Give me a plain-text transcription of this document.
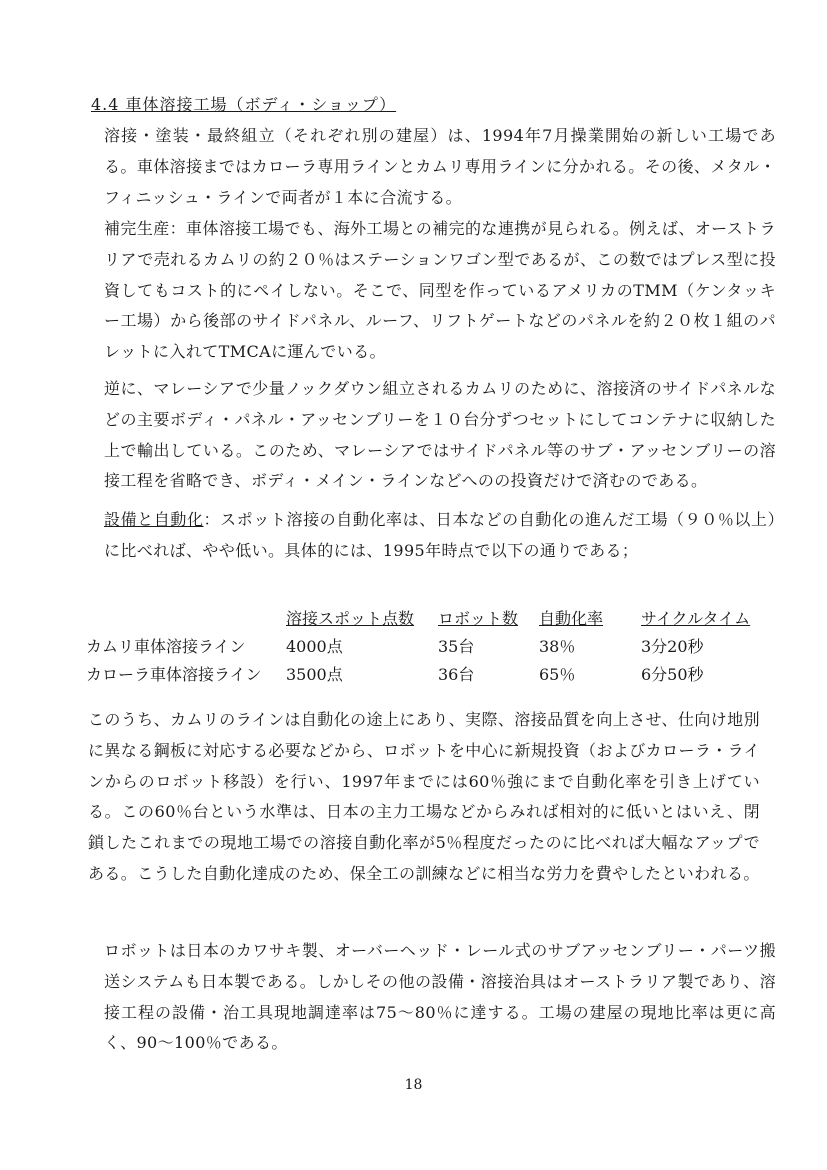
4.4 車体溶接工場（ボディ・ショップ）

溶接・塗装・最終組立（それぞれ別の建屋）は、1994年7月操業開始の新しい工場である。車体溶接まではカローラ専用ラインとカムリ専用ラインに分かれる。その後、メタル・フィニッシュ・ラインで両者が１本に合流する。

補完生産：車体溶接工場でも、海外工場との補完的な連携が見られる。例えば、オーストラリアで売れるカムリの約２０％はステーションワゴン型であるが、この数ではプレス型に投資してもコスト的にペイしない。そこで、同型を作っているアメリカのTMM（ケンタッキー工場）から後部のサイドパネル、ルーフ、リフトゲートなどのパネルを約２０枚１組のパレットに入れてTMCAに運んでいる。

逆に、マレーシアで少量ノックダウン組立されるカムリのために、溶接済のサイドパネルなどの主要ボディ・パネル・アッセンブリーを１０台分ずつセットにしてコンテナに収納した上で輸出している。このため、マレーシアではサイドパネル等のサブ・アッセンブリーの溶接工程を省略でき、ボディ・メイン・ラインなどへのの投資だけで済むのである。

設備と自動化：スポット溶接の自動化率は、日本などの自動化の進んだ工場（９０％以上）に比べれば、やや低い。具体的には、1995年時点で以下の通りである；

	溶接スポット点数	ロボット数	自動化率	サイクルタイム
カムリ車体溶接ライン	4000点	35台	38％	3分20秒
カローラ車体溶接ライン	3500点	36台	65％	6分50秒

このうち、カムリのラインは自動化の途上にあり、実際、溶接品質を向上させ、仕向け地別に異なる鋼板に対応する必要などから、ロボットを中心に新規投資（およびカローラ・ラインからのロボット移設）を行い、1997年までには60％強にまで自動化率を引き上げている。この60％台という水準は、日本の主力工場などからみれば相対的に低いとはいえ、閉鎖したこれまでの現地工場での溶接自動化率が5％程度だったのに比べれば大幅なアップである。こうした自動化達成のため、保全工の訓練などに相当な労力を費やしたといわれる。

ロボットは日本のカワサキ製、オーバーヘッド・レール式のサブアッセンブリー・パーツ搬送システムも日本製である。しかしその他の設備・溶接治具はオーストラリア製であり、溶接工程の設備・治工具現地調達率は75～80％に達する。工場の建屋の現地比率は更に高く、90～100％である。

18
